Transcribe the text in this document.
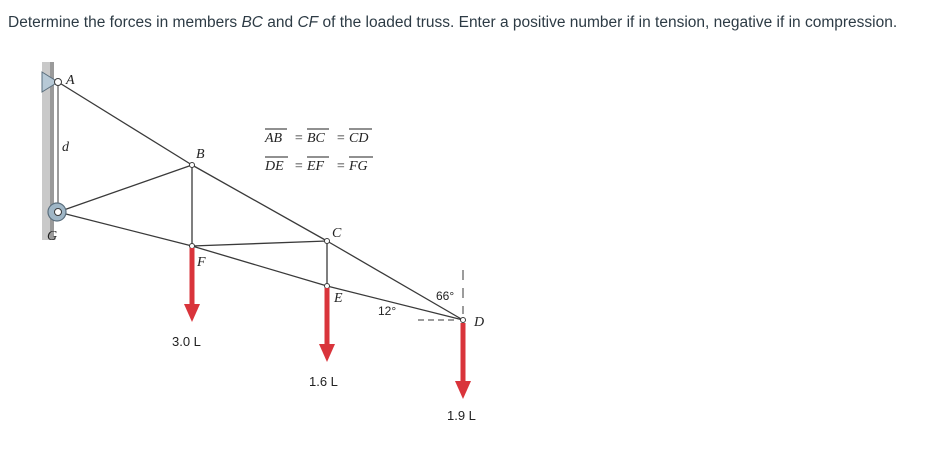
Determine the forces in members BC and CF of the loaded truss. Enter a positive number if in tension, negative if in compression.
A
B
C
D
E
F
G
d
AB = BC = CD
DE = EF = FG
12°
66°
3.0 L
1.6 L
1.9 L
